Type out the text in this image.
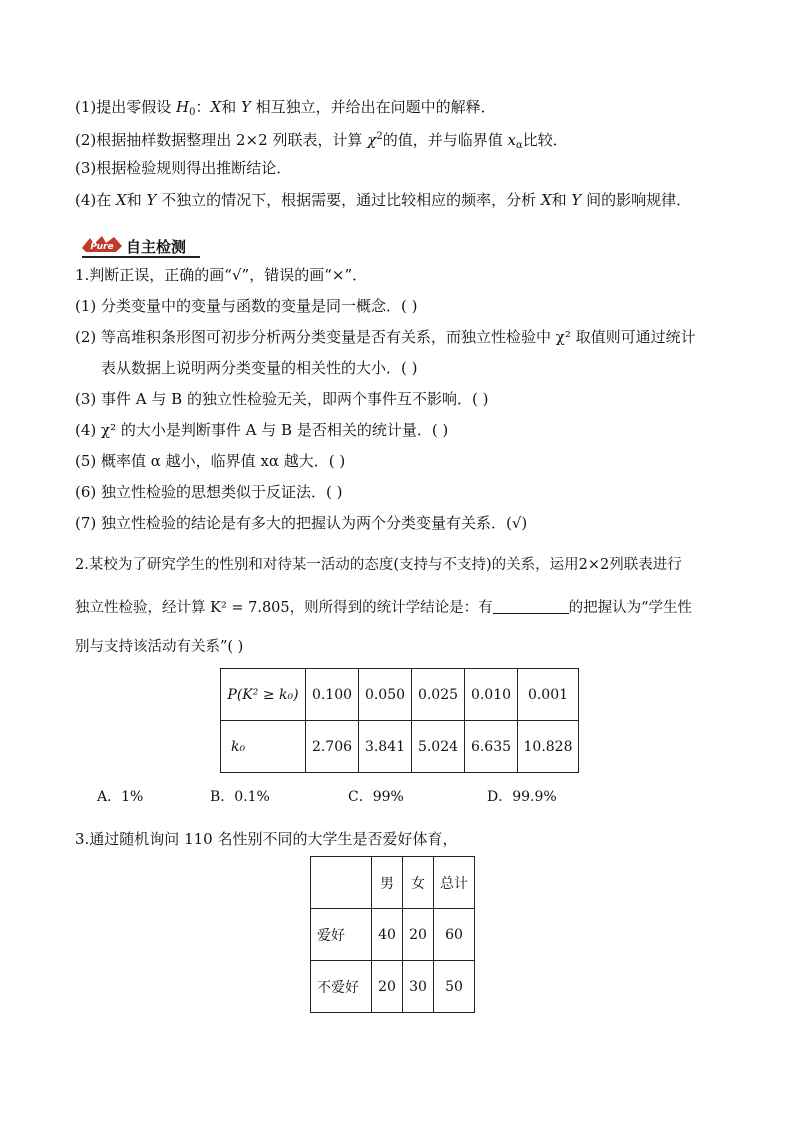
(1)提出零假设 $H_0$：X和 Y 相互独立，并给出在问题中的解释．
(2)根据抽样数据整理出 2×2 列联表，计算 $\chi^2$的值，并与临界值 $x_\alpha$比较．
(3)根据检验规则得出推断结论．
(4)在 X和 Y 不独立的情况下，根据需要，通过比较相应的频率，分析 X和 Y 间的影响规律．
Pure 自主检测
1.判断正误，正确的画“√”，错误的画“×”．
(1) 分类变量中的变量与函数的变量是同一概念．( )
(2) 等高堆积条形图可初步分析两分类变量是否有关系，而独立性检验中 χ² 取值则可通过统计
表从数据上说明两分类变量的相关性的大小．( )
(3) 事件 A 与 B 的独立性检验无关，即两个事件互不影响．( )
(4) χ² 的大小是判断事件 A 与 B 是否相关的统计量．( )
(5) 概率值 α 越小，临界值 xα 越大．( )
(6) 独立性检验的思想类似于反证法．( )
(7) 独立性检验的结论是有多大的把握认为两个分类变量有关系．(√)
2.某校为了研究学生的性别和对待某一活动的态度(支持与不支持)的关系，运用2×2列联表进行
独立性检验，经计算 K² = 7.805，则所得到的统计学结论是：有	的把握认为“学生性
别与支持该活动有关系”( )
P(K² ≥ k₀)	0.100	0.050	0.025	0.010	0.001
k₀	2.706	3.841	5.024	6.635	10.828
A．1%	B．0.1%	C．99%	D．99.9%
3.通过随机询问 110 名性别不同的大学生是否爱好体育，
	男	女	总计
爱好	40	20	60
不爱好	20	30	50
